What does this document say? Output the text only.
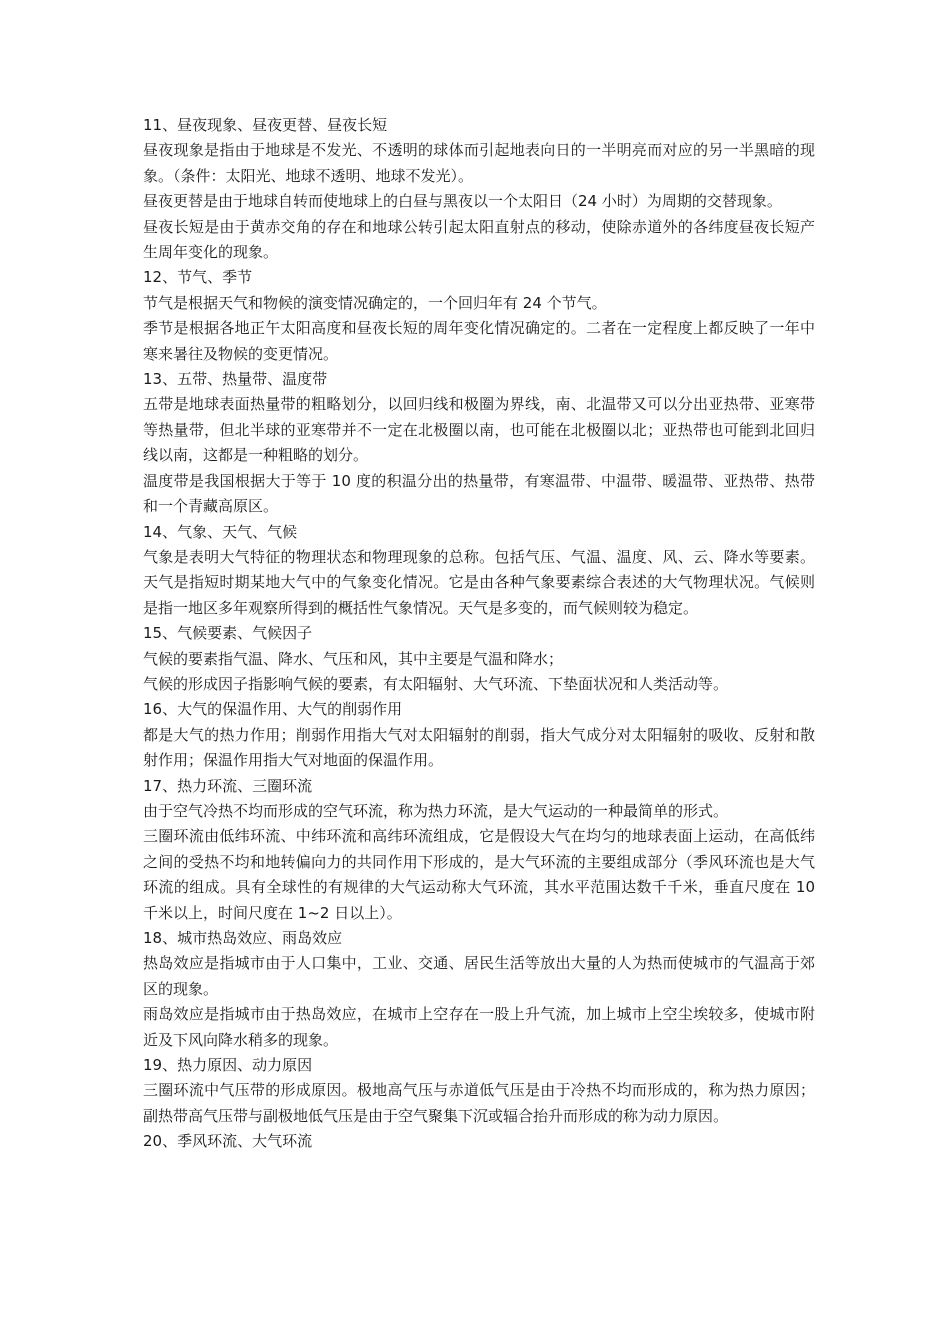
11、昼夜现象、昼夜更替、昼夜长短

昼夜现象是指由于地球是不发光、不透明的球体而引起地表向日的一半明亮而对应的另一半黑暗的现象。（条件：太阳光、地球不透明、地球不发光）。

昼夜更替是由于地球自转而使地球上的白昼与黑夜以一个太阳日（24 小时）为周期的交替现象。

昼夜长短是由于黄赤交角的存在和地球公转引起太阳直射点的移动，使除赤道外的各纬度昼夜长短产生周年变化的现象。

12、节气、季节

节气是根据天气和物候的演变情况确定的，一个回归年有 24 个节气。

季节是根据各地正午太阳高度和昼夜长短的周年变化情况确定的。二者在一定程度上都反映了一年中寒来暑往及物候的变更情况。

13、五带、热量带、温度带

五带是地球表面热量带的粗略划分，以回归线和极圈为界线，南、北温带又可以分出亚热带、亚寒带等热量带，但北半球的亚寒带并不一定在北极圈以南，也可能在北极圈以北；亚热带也可能到北回归线以南，这都是一种粗略的划分。

温度带是我国根据大于等于 10 度的积温分出的热量带，有寒温带、中温带、暖温带、亚热带、热带和一个青藏高原区。

14、气象、天气、气候

气象是表明大气特征的物理状态和物理现象的总称。包括气压、气温、温度、风、云、降水等要素。天气是指短时期某地大气中的气象变化情况。它是由各种气象要素综合表述的大气物理状况。气候则是指一地区多年观察所得到的概括性气象情况。天气是多变的，而气候则较为稳定。

15、气候要素、气候因子

气候的要素指气温、降水、气压和风，其中主要是气温和降水；

气候的形成因子指影响气候的要素，有太阳辐射、大气环流、下垫面状况和人类活动等。

16、大气的保温作用、大气的削弱作用

都是大气的热力作用；削弱作用指大气对太阳辐射的削弱，指大气成分对太阳辐射的吸收、反射和散射作用；保温作用指大气对地面的保温作用。

17、热力环流、三圈环流

由于空气冷热不均而形成的空气环流，称为热力环流，是大气运动的一种最简单的形式。

三圈环流由低纬环流、中纬环流和高纬环流组成，它是假设大气在均匀的地球表面上运动，在高低纬之间的受热不均和地转偏向力的共同作用下形成的，是大气环流的主要组成部分（季风环流也是大气环流的组成。具有全球性的有规律的大气运动称大气环流，其水平范围达数千千米，垂直尺度在 10 千米以上，时间尺度在 1~2 日以上）。

18、城市热岛效应、雨岛效应

热岛效应是指城市由于人口集中，工业、交通、居民生活等放出大量的人为热而使城市的气温高于郊区的现象。

雨岛效应是指城市由于热岛效应，在城市上空存在一股上升气流，加上城市上空尘埃较多，使城市附近及下风向降水稍多的现象。

19、热力原因、动力原因

三圈环流中气压带的形成原因。极地高气压与赤道低气压是由于冷热不均而形成的，称为热力原因；副热带高气压带与副极地低气压是由于空气聚集下沉或辐合抬升而形成的称为动力原因。

20、季风环流、大气环流
